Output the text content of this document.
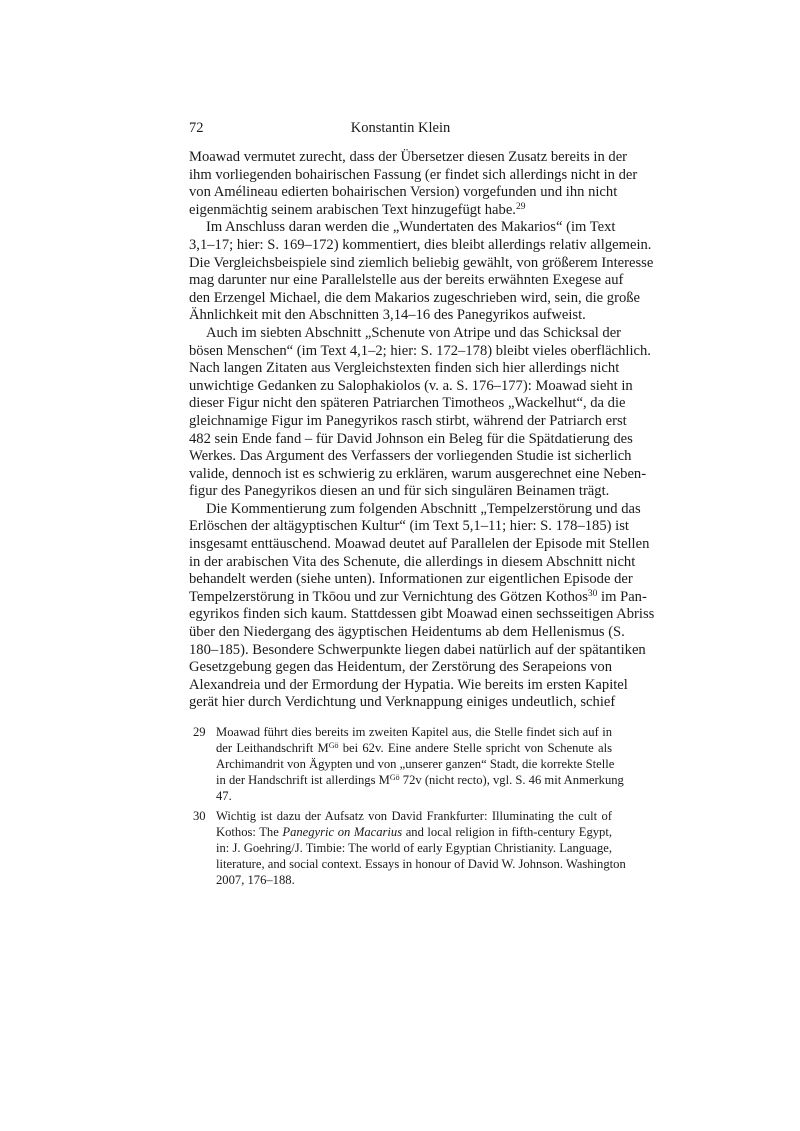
72	Konstantin Klein
Moawad vermutet zurecht, dass der Übersetzer diesen Zusatz bereits in der
ihm vorliegenden bohairischen Fassung (er findet sich allerdings nicht in der
von Amélineau edierten bohairischen Version) vorgefunden und ihn nicht
eigenmächtig seinem arabischen Text hinzugefügt habe.$^{29}$
Im Anschluss daran werden die „Wundertaten des Makarios“ (im Text
3,1–17; hier: S. 169–172) kommentiert, dies bleibt allerdings relativ allgemein.
Die Vergleichsbeispiele sind ziemlich beliebig gewählt, von größerem Interesse
mag darunter nur eine Parallelstelle aus der bereits erwähnten Exegese auf
den Erzengel Michael, die dem Makarios zugeschrieben wird, sein, die große
Ähnlichkeit mit den Abschnitten 3,14–16 des Panegyrikos aufweist.
Auch im siebten Abschnitt „Schenute von Atripe und das Schicksal der
bösen Menschen“ (im Text 4,1–2; hier: S. 172–178) bleibt vieles oberflächlich.
Nach langen Zitaten aus Vergleichstexten finden sich hier allerdings nicht
unwichtige Gedanken zu Salophakiolos (v. a. S. 176–177): Moawad sieht in
dieser Figur nicht den späteren Patriarchen Timotheos „Wackelhut“, da die
gleichnamige Figur im Panegyrikos rasch stirbt, während der Patriarch erst
482 sein Ende fand – für David Johnson ein Beleg für die Spätdatierung des
Werkes. Das Argument des Verfassers der vorliegenden Studie ist sicherlich
valide, dennoch ist es schwierig zu erklären, warum ausgerechnet eine Neben-
figur des Panegyrikos diesen an und für sich singulären Beinamen trägt.
Die Kommentierung zum folgenden Abschnitt „Tempelzerstörung und das
Erlöschen der altägyptischen Kultur“ (im Text 5,1–11; hier: S. 178–185) ist
insgesamt enttäuschend. Moawad deutet auf Parallelen der Episode mit Stellen
in der arabischen Vita des Schenute, die allerdings in diesem Abschnitt nicht
behandelt werden (siehe unten). Informationen zur eigentlichen Episode der
Tempelzerstörung in Tkōou und zur Vernichtung des Götzen Kothos$^{30}$ im Pan-
egyrikos finden sich kaum. Stattdessen gibt Moawad einen sechsseitigen Abriss
über den Niedergang des ägyptischen Heidentums ab dem Hellenismus (S.
180–185). Besondere Schwerpunkte liegen dabei natürlich auf der spätantiken
Gesetzgebung gegen das Heidentum, der Zerstörung des Serapeions von
Alexandreia und der Ermordung der Hypatia. Wie bereits im ersten Kapitel
gerät hier durch Verdichtung und Verknappung einiges undeutlich, schief
29 Moawad führt dies bereits im zweiten Kapitel aus, die Stelle findet sich auf in
der Leithandschrift $M^{Gö}$ bei 62v. Eine andere Stelle spricht von Schenute als
Archimandrit von Ägypten und von „unserer ganzen“ Stadt, die korrekte Stelle
in der Handschrift ist allerdings $M^{Gö}$ 72v (nicht recto), vgl. S. 46 mit Anmerkung
47.
30 Wichtig ist dazu der Aufsatz von David Frankfurter: Illuminating the cult of
Kothos: The Panegyric on Macarius and local religion in fifth-century Egypt,
in: J. Goehring/J. Timbie: The world of early Egyptian Christianity. Language,
literature, and social context. Essays in honour of David W. Johnson. Washington
2007, 176–188.
